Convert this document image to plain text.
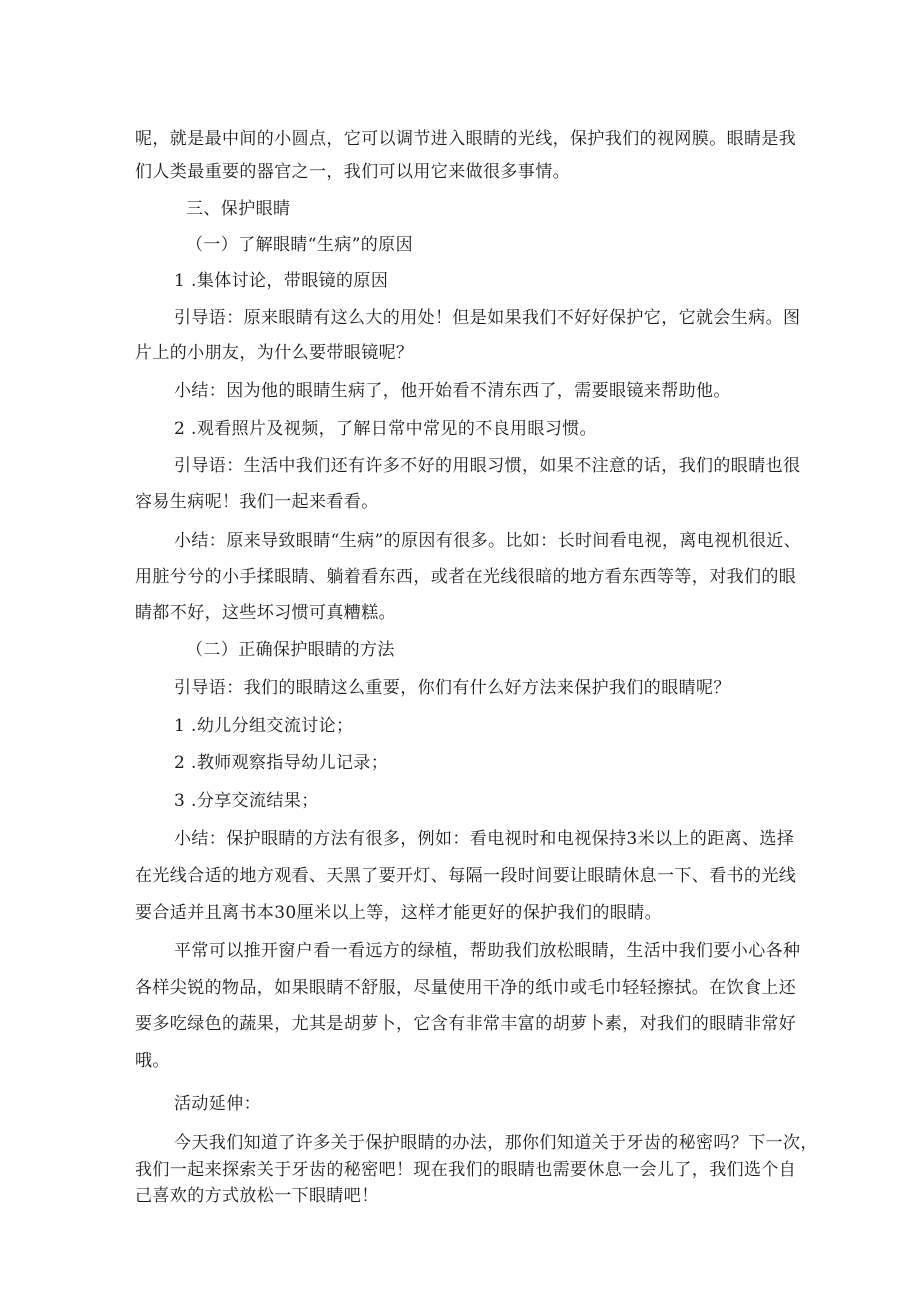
呢，就是最中间的小圆点，它可以调节进入眼睛的光线，保护我们的视网膜。眼睛是我
们人类最重要的器官之一，我们可以用它来做很多事情。
三、保护眼睛
（一）了解眼睛“生病”的原因
1 .集体讨论，带眼镜的原因
引导语：原来眼睛有这么大的用处！但是如果我们不好好保护它，它就会生病。图
片上的小朋友，为什么要带眼镜呢？
小结：因为他的眼睛生病了，他开始看不清东西了，需要眼镜来帮助他。
2 .观看照片及视频，了解日常中常见的不良用眼习惯。
引导语：生活中我们还有许多不好的用眼习惯，如果不注意的话，我们的眼睛也很
容易生病呢！我们一起来看看。
小结：原来导致眼睛“生病”的原因有很多。比如：长时间看电视，离电视机很近、
用脏兮兮的小手揉眼睛、躺着看东西，或者在光线很暗的地方看东西等等，对我们的眼
睛都不好，这些坏习惯可真糟糕。
（二）正确保护眼睛的方法
引导语：我们的眼睛这么重要，你们有什么好方法来保护我们的眼睛呢？
1 .幼儿分组交流讨论；
2 .教师观察指导幼儿记录；
3 .分享交流结果；
小结：保护眼睛的方法有很多，例如：看电视时和电视保持3米以上的距离、选择
在光线合适的地方观看、天黑了要开灯、每隔一段时间要让眼睛休息一下、看书的光线
要合适并且离书本30厘米以上等，这样才能更好的保护我们的眼睛。
平常可以推开窗户看一看远方的绿植，帮助我们放松眼睛，生活中我们要小心各种
各样尖锐的物品，如果眼睛不舒服，尽量使用干净的纸巾或毛巾轻轻擦拭。在饮食上还
要多吃绿色的蔬果，尤其是胡萝卜，它含有非常丰富的胡萝卜素，对我们的眼睛非常好
哦。
活动延伸：
今天我们知道了许多关于保护眼睛的办法，那你们知道关于牙齿的秘密吗？下一次，
我们一起来探索关于牙齿的秘密吧！现在我们的眼睛也需要休息一会儿了，我们选个自
己喜欢的方式放松一下眼睛吧！
